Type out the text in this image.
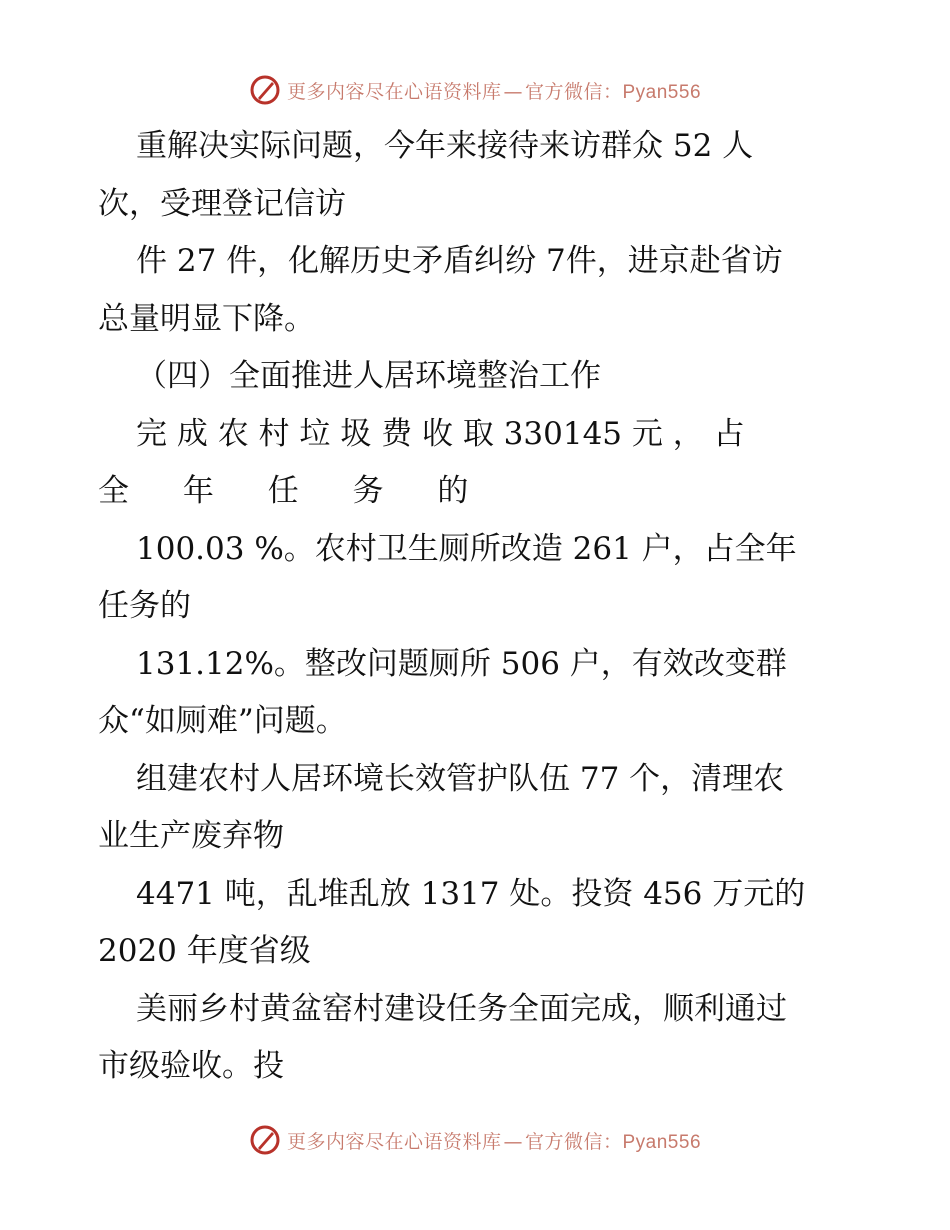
更多内容尽在心语资料库 — 官方微信：Pyan556
重解决实际问题，今年来接待来访群众 52 人
次，受理登记信访
件 27 件，化解历史矛盾纠纷 7件，进京赴省访
总量明显下降。
（四）全面推进人居环境整治工作
完 成 农 村 垃 圾 费 收 取 330145 元 ， 占
全 年 任 务 的
100.03 %。农村卫生厕所改造 261 户，占全年
任务的
131.12%。整改问题厕所 506 户，有效改变群
众“如厕难”问题。
组建农村人居环境长效管护队伍 77 个，清理农
业生产废弃物
4471 吨，乱堆乱放 1317 处。投资 456 万元的
2020 年度省级
美丽乡村黄盆窑村建设任务全面完成，顺利通过
市级验收。投
更多内容尽在心语资料库 — 官方微信：Pyan556
